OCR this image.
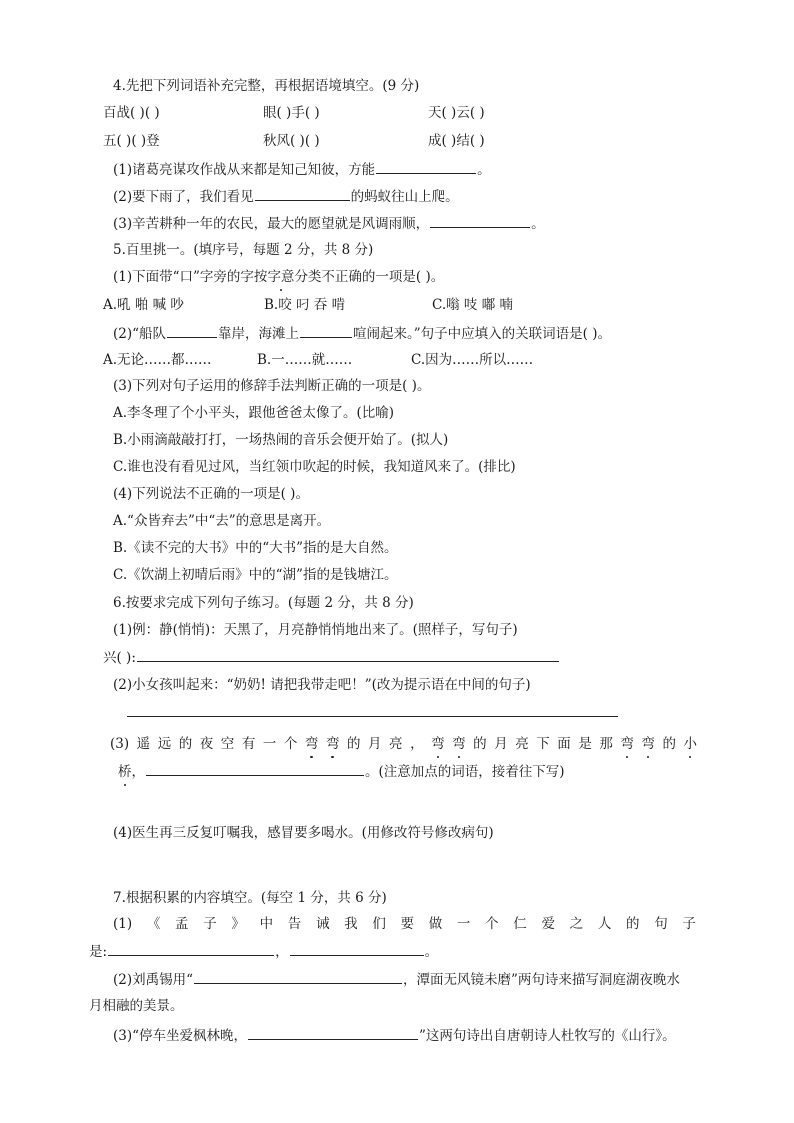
4.先把下列词语补充完整，再根据语境填空。(9 分)
百战( )( )	眼( )手( )	天( )云( )
五( )( )登	秋风( )( )	成( )结( )
(1)诸葛亮谋攻作战从来都是知己知彼，方能	。
(2)要下雨了，我们看见	的蚂蚁往山上爬。
(3)辛苦耕种一年的农民，最大的愿望就是风调雨顺，	。
5.百里挑一。(填序号，每题 2 分，共 8 分)
(1)下面带“口”字旁的字按字意分类不正确的一项是( )。
A.吼 啪 喊 吵	B.咬 叼 吞 啃	C.嗡 吱 嘟 喃
(2)“船队	靠岸，海滩上	喧闹起来。”句子中应填入的关联词语是( )。
A.无论……都……	B.一……就……	C.因为……所以……
(3)下列对句子运用的修辞手法判断正确的一项是( )。
A.李冬理了个小平头，跟他爸爸太像了。(比喻)
B.小雨滴敲敲打打，一场热闹的音乐会便开始了。(拟人)
C.谁也没有看见过风，当红领巾吹起的时候，我知道风来了。(排比)
(4)下列说法不正确的一项是( )。
A.“众皆弃去”中“去”的意思是离开。
B.《读不完的大书》中的“大书”指的是大自然。
C.《饮湖上初晴后雨》中的“湖”指的是钱塘江。
6.按要求完成下列句子练习。(每题 2 分，共 8 分)
(1)例：静(悄悄)：天黑了，月亮静悄悄地出来了。(照样子，写句子)
兴( ):
(2)小女孩叫起来：“奶奶! 请把我带走吧！”(改为提示语在中间的句子)
(3) 遥 远 的 夜 空 有 一 个 弯 弯 的 月 亮 ， 弯 弯 的 月 亮 下 面 是 那 弯 弯 的 小
桥，	。(注意加点的词语，接着往下写)
(4)医生再三反复叮嘱我，感冒要多喝水。(用修改符号修改病句)
7.根据积累的内容填空。(每空 1 分，共 6 分)
(1) 《 孟 子 》 中 告 诫 我 们 要 做 一 个 仁 爱 之 人 的 句 子
是:	，	。
(2)刘禹锡用“	，潭面无风镜未磨”两句诗来描写洞庭湖夜晚水
月相融的美景。
(3)“停车坐爱枫林晚，	”这两句诗出自唐朝诗人杜牧写的《山行》。
